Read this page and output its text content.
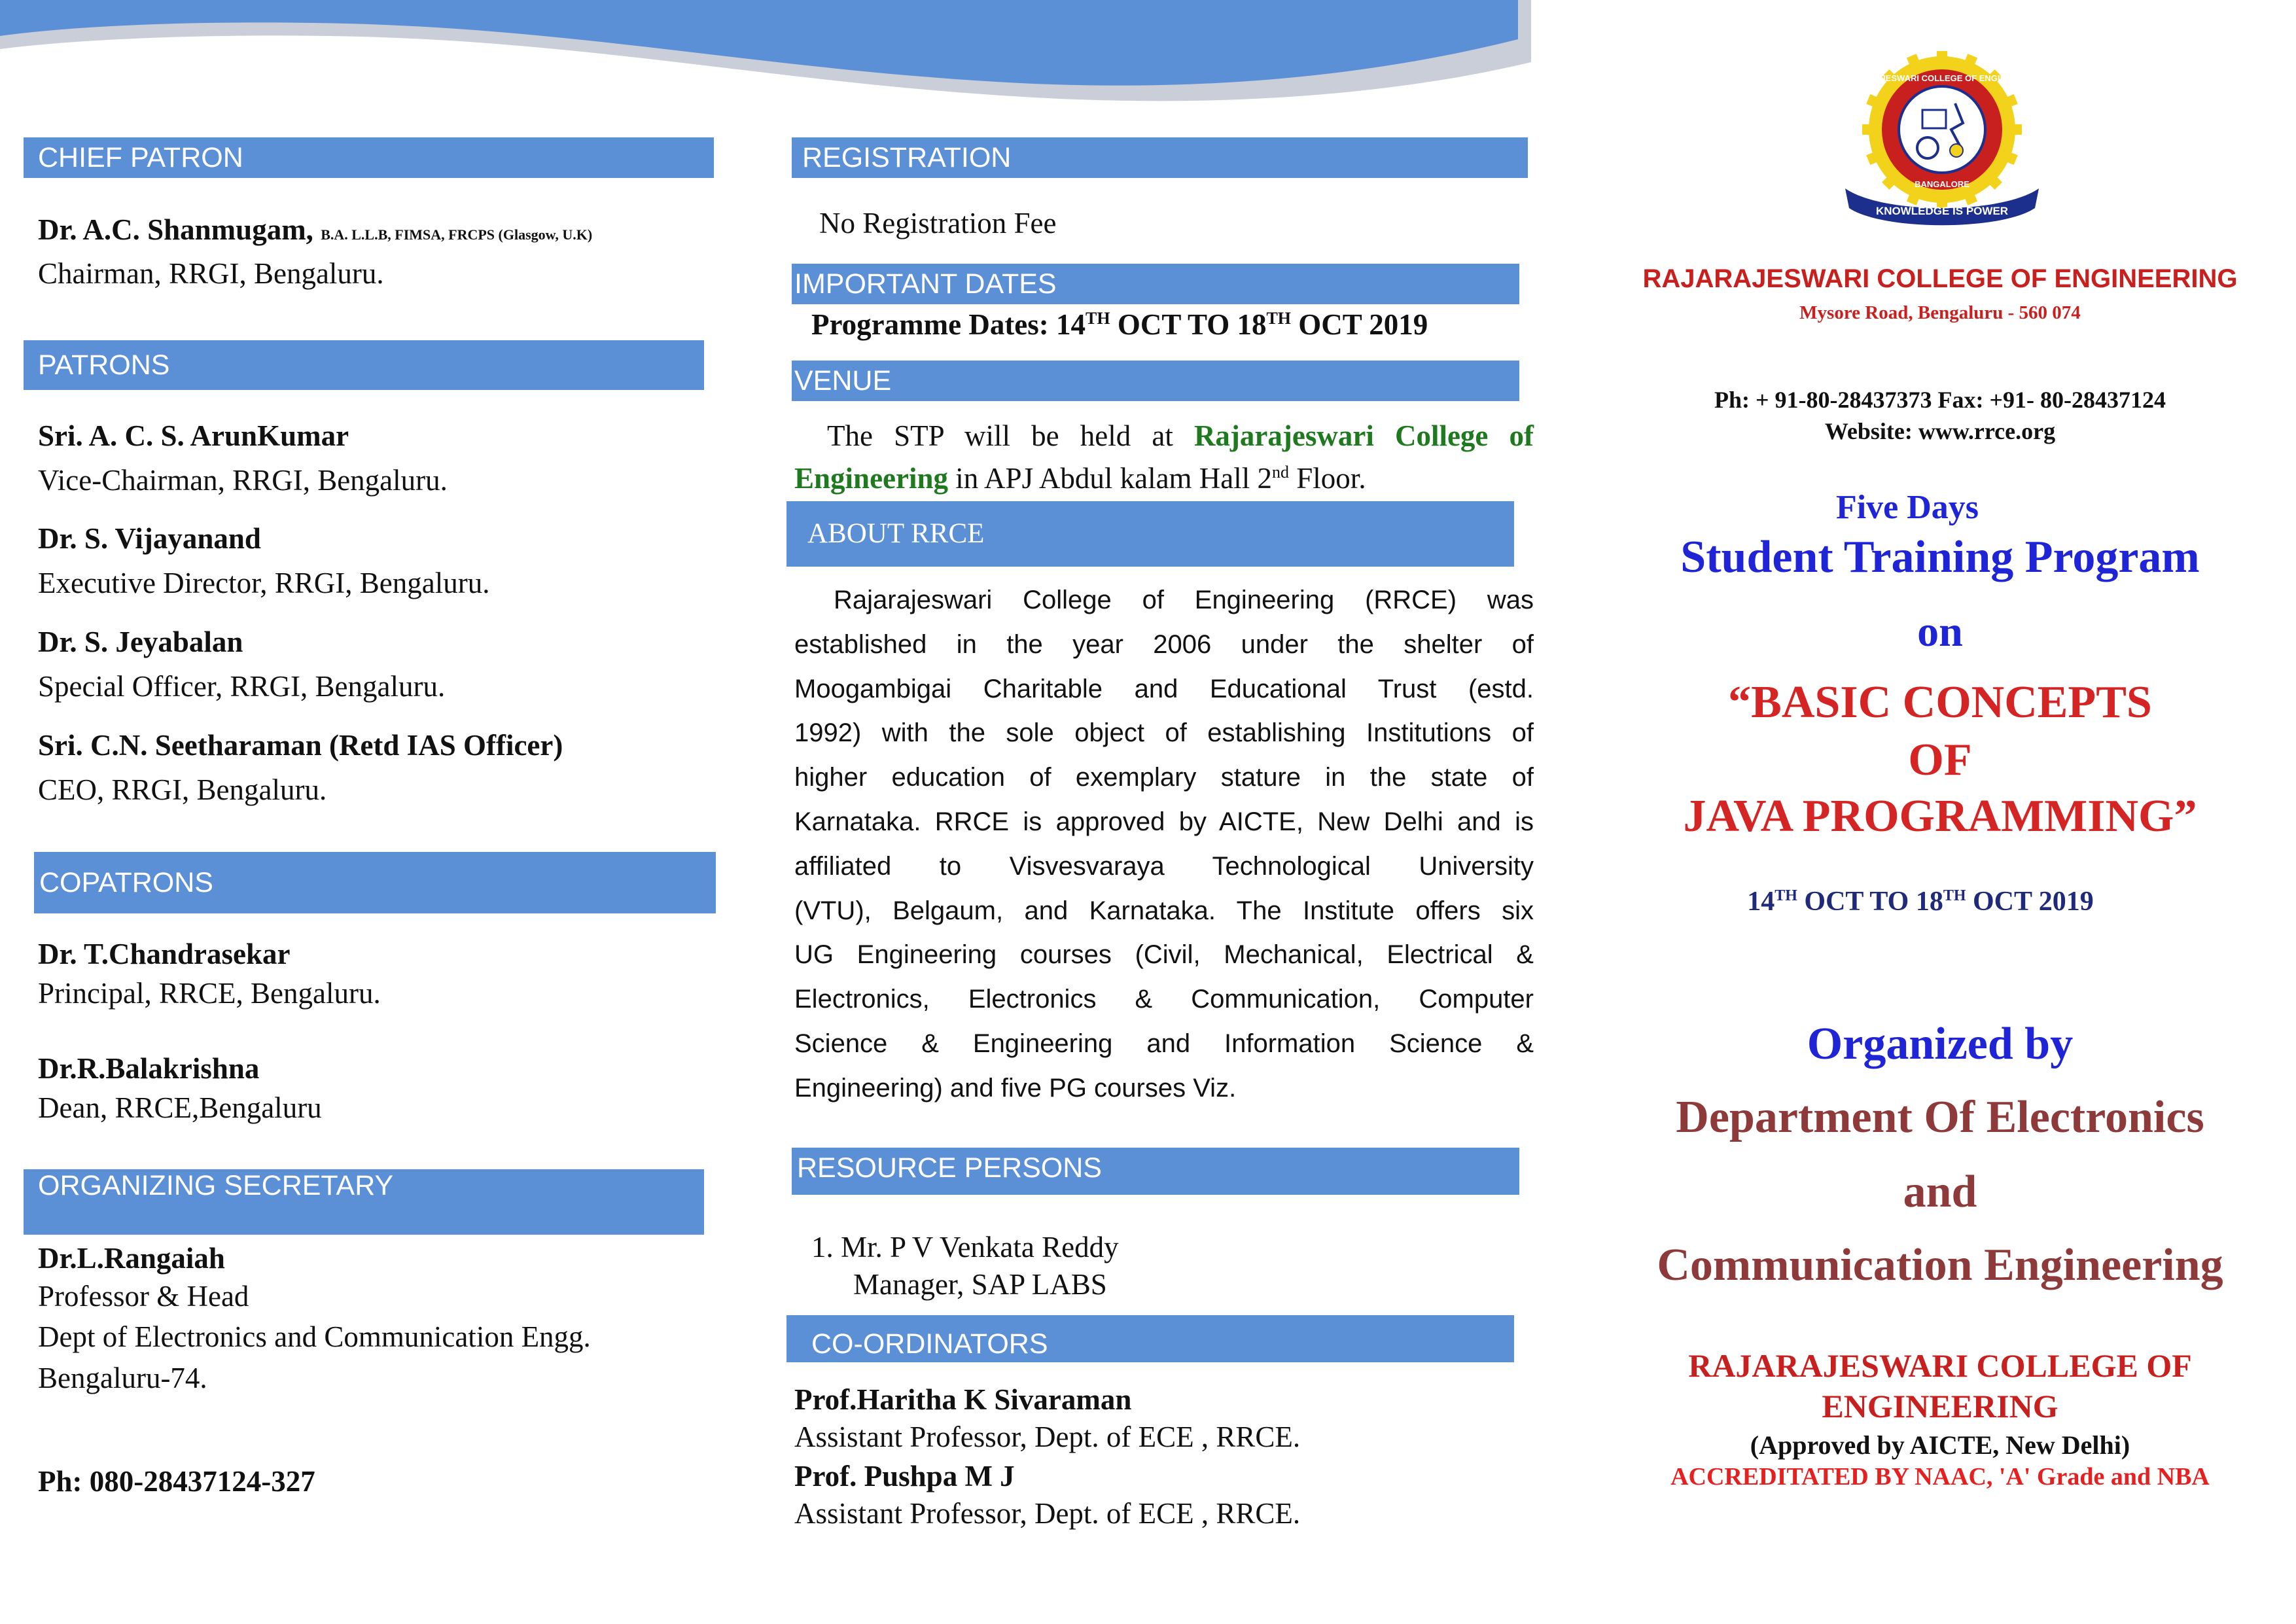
CHIEF PATRON
Dr. A.C. Shanmugam, B.A. L.L.B, FIMSA, FRCPS (Glasgow, U.K)
Chairman, RRGI, Bengaluru.
PATRONS
Sri. A. C. S. ArunKumar
Vice-Chairman, RRGI, Bengaluru.
Dr. S. Vijayanand
Executive Director, RRGI, Bengaluru.
Dr. S. Jeyabalan
Special Officer, RRGI, Bengaluru.
Sri. C.N. Seetharaman (Retd IAS Officer)
CEO, RRGI, Bengaluru.
COPATRONS
Dr. T.Chandrasekar
Principal, RRCE, Bengaluru.
Dr.R.Balakrishna
Dean, RRCE,Bengaluru
ORGANIZING SECRETARY
Dr.L.Rangaiah
Professor & Head
Dept of Electronics and Communication Engg.
Bengaluru-74.
Ph: 080-28437124-327
REGISTRATION
No Registration Fee
IMPORTANT DATES
Programme Dates: 14TH OCT TO 18TH OCT 2019
VENUE
The STP will be held at Rajarajeswari College of
Engineering in APJ Abdul kalam Hall 2nd Floor.
ABOUT RRCE
Rajarajeswari College of Engineering (RRCE) was
established in the year 2006 under the shelter of
Moogambigai Charitable and Educational Trust (estd.
1992) with the sole object of establishing Institutions of
higher education of exemplary stature in the state of
Karnataka. RRCE is approved by AICTE, New Delhi and is
affiliated to Visvesvaraya Technological University
(VTU), Belgaum, and Karnataka. The Institute offers six
UG Engineering courses (Civil, Mechanical, Electrical &
Electronics, Electronics & Communication, Computer
Science & Engineering and Information Science &
Engineering) and five PG courses Viz.
RESOURCE PERSONS
1. Mr. P V Venkata Reddy
Manager, SAP LABS
CO-ORDINATORS
Prof.Haritha K Sivaraman
Assistant Professor, Dept. of ECE , RRCE.
Prof. Pushpa M J
Assistant Professor, Dept. of ECE , RRCE.
RAJARAJESWARI COLLEGE OF ENGINEERING
BANGALORE
KNOWLEDGE IS POWER
RAJARAJESWARI COLLEGE OF ENGINEERING
Mysore Road, Bengaluru - 560 074
Ph: + 91-80-28437373 Fax: +91- 80-28437124
Website: www.rrce.org
Five Days
Student Training Program
on
“BASIC CONCEPTS
OF
JAVA PROGRAMMING”
14TH OCT TO 18TH OCT 2019
Organized by
Department Of Electronics
and
Communication Engineering
RAJARAJESWARI COLLEGE OF
ENGINEERING
(Approved by AICTE, New Delhi)
ACCREDITATED BY NAAC, 'A' Grade and NBA
